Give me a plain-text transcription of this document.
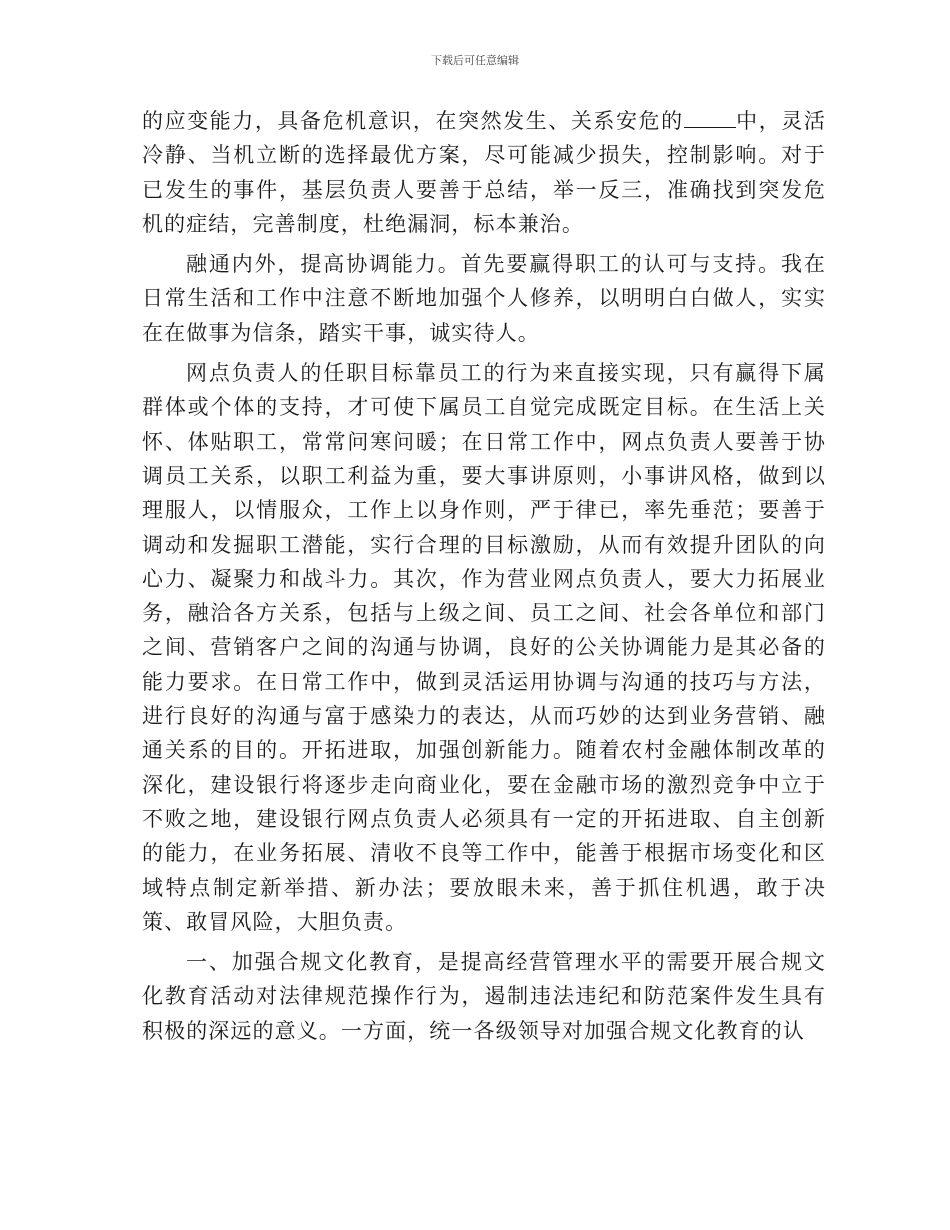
下载后可任意编辑

的应变能力，具备危机意识，在突然发生、关系安危的 中，灵活冷静、当机立断的选择最优方案，尽可能减少损失，控制影响。对于已发生的事件，基层负责人要善于总结，举一反三，准确找到突发危机的症结，完善制度，杜绝漏洞，标本兼治。

融通内外，提高协调能力。首先要赢得职工的认可与支持。我在日常生活和工作中注意不断地加强个人修养，以明明白白做人，实实在在做事为信条，踏实干事，诚实待人。

网点负责人的任职目标靠员工的行为来直接实现，只有赢得下属群体或个体的支持，才可使下属员工自觉完成既定目标。在生活上关怀、体贴职工，常常问寒问暖；在日常工作中，网点负责人要善于协调员工关系，以职工利益为重，要大事讲原则，小事讲风格，做到以理服人，以情服众，工作上以身作则，严于律已，率先垂范；要善于调动和发掘职工潜能，实行合理的目标激励，从而有效提升团队的向心力、凝聚力和战斗力。其次，作为营业网点负责人，要大力拓展业务，融洽各方关系，包括与上级之间、员工之间、社会各单位和部门之间、营销客户之间的沟通与协调，良好的公关协调能力是其必备的能力要求。在日常工作中，做到灵活运用协调与沟通的技巧与方法，进行良好的沟通与富于感染力的表达，从而巧妙的达到业务营销、融通关系的目的。开拓进取，加强创新能力。随着农村金融体制改革的深化，建设银行将逐步走向商业化，要在金融市场的激烈竞争中立于不败之地，建设银行网点负责人必须具有一定的开拓进取、自主创新的能力，在业务拓展、清收不良等工作中，能善于根据市场变化和区域特点制定新举措、新办法；要放眼未来，善于抓住机遇，敢于决策、敢冒风险，大胆负责。

一、加强合规文化教育，是提高经营管理水平的需要开展合规文化教育活动对法律规范操作行为，遏制违法违纪和防范案件发生具有积极的深远的意义。一方面，统一各级领导对加强合规文化教育的认
